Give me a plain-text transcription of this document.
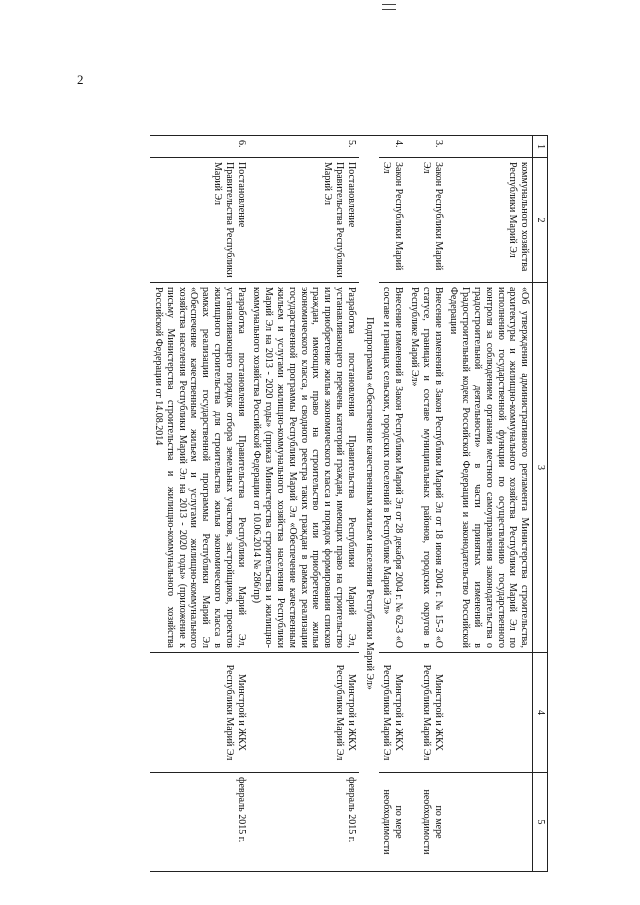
2
1	2	3	4	5
	коммунального хозяйства Республики Марий Эл	«Об утверждении административного регламента Министерства строительства, архитектуры и жилищно-коммунального хозяйства Республики Марий Эл по исполнению государственной функции по осуществлению государственного контроля за соблюдением органами местного самоуправления законодательства о градостроительной деятельности» в части принятых изменений в Градостроительный кодекс Российской Федерации и законодательство Российской Федерации		
3.	Закон Республики Марий Эл	Внесение изменений в Закон Республики Марий Эл от 18 июня 2004 г. № 15-З «О статусе, границах и составе муниципальных районов, городских округов в Республике Марий Эл»	Минстрой и ЖКХ Республики Марий Эл	по мере необходимости
4.	Закон Республики Марий Эл	Внесение изменений в Закон Республики Марий Эл от 28 декабря 2004 г. № 62-З «О составе и границах сельских, городских поселений в Республике Марий Эл»	Минстрой и ЖКХ Республики Марий Эл	по мере необходимости
Подпрограмма «Обеспечение качественным жильем населения Республики Марий Эл»				
5.	Постановление Правительства Республики Марий Эл	Разработка постановления Правительства Республики Марий Эл, устанавливающего перечень категорий граждан, имеющих право на строительство или приобретение жилья экономического класса и порядок формирования списков граждан, имеющих право на строительство или приобретение жилья экономического класса, и сводного реестра таких граждан в рамках реализации государственной программы Республики Марий Эл «Обеспечение качественным жильем и услугами жилищно-коммунального хозяйства населения Республики Марий Эл на 2013 - 2020 годы» (приказ Министерства строительства и жилищно-коммунального хозяйства Российской Федерации от 10.06.2014 № 286/пр)	Минстрой и ЖКХ Республики Марий Эл	февраль 2015 г.
6.	Постановление Правительства Республики Марий Эл	Разработка постановления Правительства Республики Марий Эл, устанавливающего порядок отбора земельных участков, застройщиков, проектов жилищного строительства для строительства жилья экономического класса в рамках реализации государственной программы Республики Марий Эл «Обеспечение качественным жильем и услугами жилищно-коммунального хозяйства населения Республики Марий Эл на 2013 - 2020 годы» (приложение к письму Министерства строительства и жилищно-коммунального хозяйства Российской Федерации от 14.08.2014	Минстрой и ЖКХ Республики Марий Эл	февраль 2015 г.
